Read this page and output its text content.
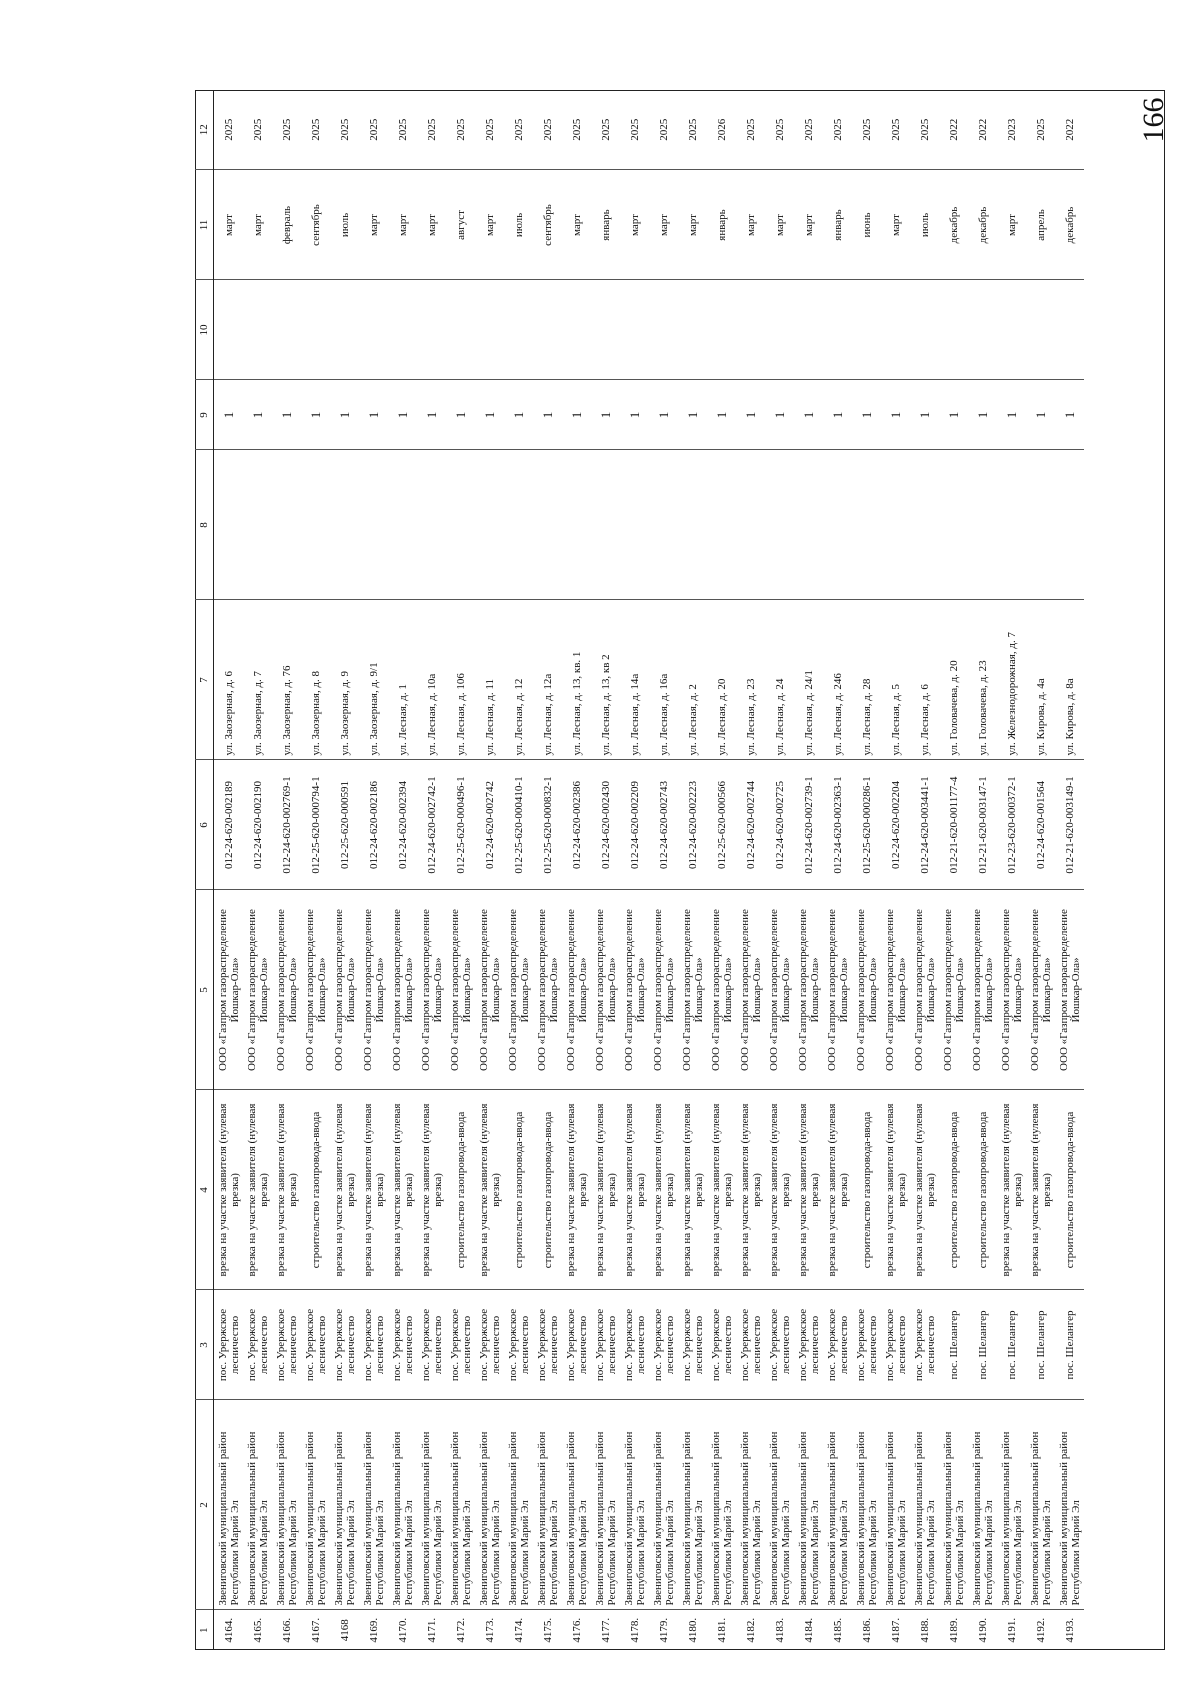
166
1	2	3	4	5	6	7	8	9	10	11	12
4164.	Звениговский муниципальный район Республики Марий Эл	пос. Урержское лесничество	врезка на участке заявителя (нулевая врезка)	ООО «Газпром газораспределение Йошкар-Ола»	012-24-620-002189	ул. Заозерная, д. 6		1		март	2025
4165.	Звениговский муниципальный район Республики Марий Эл	пос. Урержское лесничество	врезка на участке заявителя (нулевая врезка)	ООО «Газпром газораспределение Йошкар-Ола»	012-24-620-002190	ул. Заозерная, д. 7		1		март	2025
4166.	Звениговский муниципальный район Республики Марий Эл	пос. Урержское лесничество	врезка на участке заявителя (нулевая врезка)	ООО «Газпром газораспределение Йошкар-Ола»	012-24-620-002769-1	ул. Заозерная, д. 76		1		февраль	2025
4167.	Звениговский муниципальный район Республики Марий Эл	пос. Урержское лесничество	строительство газопровода-ввода	ООО «Газпром газораспределение Йошкар-Ола»	012-25-620-000794-1	ул. Заозерная, д. 8		1		сентябрь	2025
4168	Звениговский муниципальный район Республики Марий Эл	пос. Урержское лесничество	врезка на участке заявителя (нулевая врезка)	ООО «Газпром газораспределение Йошкар-Ола»	012-25-620-000591	ул. Заозерная, д. 9		1		июль	2025
4169.	Звениговский муниципальный район Республики Марий Эл	пос. Урержское лесничество	врезка на участке заявителя (нулевая врезка)	ООО «Газпром газораспределение Йошкар-Ола»	012-24-620-002186	ул. Заозерная, д. 9/1		1		март	2025
4170.	Звениговский муниципальный район Республики Марий Эл	пос. Урержское лесничество	врезка на участке заявителя (нулевая врезка)	ООО «Газпром газораспределение Йошкар-Ола»	012-24-620-002394	ул. Лесная, д. 1		1		март	2025
4171.	Звениговский муниципальный район Республики Марий Эл	пос. Урержское лесничество	врезка на участке заявителя (нулевая врезка)	ООО «Газпром газораспределение Йошкар-Ола»	012-24-620-002742-1	ул. Лесная, д. 10а		1		март	2025
4172.	Звениговский муниципальный район Республики Марий Эл	пос. Урержское лесничество	строительство газопровода-ввода	ООО «Газпром газораспределение Йошкар-Ола»	012-25-620-000496-1	ул. Лесная, д. 106		1		август	2025
4173.	Звениговский муниципальный район Республики Марий Эл	пос. Урержское лесничество	врезка на участке заявителя (нулевая врезка)	ООО «Газпром газораспределение Йошкар-Ола»	012-24-620-002742	ул. Лесная, д. 11		1		март	2025
4174.	Звениговский муниципальный район Республики Марий Эл	пос. Урержское лесничество	строительство газопровода-ввода	ООО «Газпром газораспределение Йошкар-Ола»	012-25-620-000410-1	ул. Лесная, д. 12		1		июль	2025
4175.	Звениговский муниципальный район Республики Марий Эл	пос. Урержское лесничество	строительство газопровода-ввода	ООО «Газпром газораспределение Йошкар-Ола»	012-25-620-000832-1	ул. Лесная, д. 12а		1		сентябрь	2025
4176.	Звениговский муниципальный район Республики Марий Эл	пос. Урержское лесничество	врезка на участке заявителя (нулевая врезка)	ООО «Газпром газораспределение Йошкар-Ола»	012-24-620-002386	ул. Лесная, д. 13, кв. 1		1		март	2025
4177.	Звениговский муниципальный район Республики Марий Эл	пос. Урержское лесничество	врезка на участке заявителя (нулевая врезка)	ООО «Газпром газораспределение Йошкар-Ола»	012-24-620-002430	ул. Лесная, д. 13, кв 2		1		январь	2025
4178.	Звениговский муниципальный район Республики Марий Эл	пос. Урержское лесничество	врезка на участке заявителя (нулевая врезка)	ООО «Газпром газораспределение Йошкар-Ола»	012-24-620-002209	ул. Лесная, д. 14а		1		март	2025
4179.	Звениговский муниципальный район Республики Марий Эл	пос. Урержское лесничество	врезка на участке заявителя (нулевая врезка)	ООО «Газпром газораспределение Йошкар-Ола»	012-24-620-002743	ул. Лесная, д. 16а		1		март	2025
4180.	Звениговский муниципальный район Республики Марий Эл	пос. Урержское лесничество	врезка на участке заявителя (нулевая врезка)	ООО «Газпром газораспределение Йошкар-Ола»	012-24-620-002223	ул. Лесная, д. 2		1		март	2025
4181.	Звениговский муниципальный район Республики Марий Эл	пос. Урержское лесничество	врезка на участке заявителя (нулевая врезка)	ООО «Газпром газораспределение Йошкар-Ола»	012-25-620-000566	ул. Лесная, д. 20		1		январь	2026
4182.	Звениговский муниципальный район Республики Марий Эл	пос. Урержское лесничество	врезка на участке заявителя (нулевая врезка)	ООО «Газпром газораспределение Йошкар-Ола»	012-24-620-002744	ул. Лесная, д. 23		1		март	2025
4183.	Звениговский муниципальный район Республики Марий Эл	пос. Урержское лесничество	врезка на участке заявителя (нулевая врезка)	ООО «Газпром газораспределение Йошкар-Ола»	012-24-620-002725	ул. Лесная, д. 24		1		март	2025
4184.	Звениговский муниципальный район Республики Марий Эл	пос. Урержское лесничество	врезка на участке заявителя (нулевая врезка)	ООО «Газпром газораспределение Йошкар-Ола»	012-24-620-002739-1	ул. Лесная, д. 24/1		1		март	2025
4185.	Звениговский муниципальный район Республики Марий Эл	пос. Урержское лесничество	врезка на участке заявителя (нулевая врезка)	ООО «Газпром газораспределение Йошкар-Ола»	012-24-620-002363-1	ул. Лесная, д. 246		1		январь	2025
4186.	Звениговский муниципальный район Республики Марий Эл	пос. Урержское лесничество	строительство газопровода-ввода	ООО «Газпром газораспределение Йошкар-Ола»	012-25-620-000286-1	ул. Лесная, д. 28		1		июнь	2025
4187.	Звениговский муниципальный район Республики Марий Эл	пос. Урержское лесничество	врезка на участке заявителя (нулевая врезка)	ООО «Газпром газораспределение Йошкар-Ола»	012-24-620-002204	ул. Лесная, д. 5		1		март	2025
4188.	Звениговский муниципальный район Республики Марий Эл	пос. Урержское лесничество	врезка на участке заявителя (нулевая врезка)	ООО «Газпром газораспределение Йошкар-Ола»	012-24-620-003441-1	ул. Лесная, д. 6		1		июль	2025
4189.	Звениговский муниципальный район Республики Марий Эл	пос. Шелангер	строительство газопровода-ввода	ООО «Газпром газораспределение Йошкар-Ола»	012-21-620-001177-4	ул. Головачева, д. 20		1		декабрь	2022
4190.	Звениговский муниципальный район Республики Марий Эл	пос. Шелангер	строительство газопровода-ввода	ООО «Газпром газораспределение Йошкар-Ола»	012-21-620-003147-1	ул. Головачева, д. 23		1		декабрь	2022
4191.	Звениговский муниципальный район Республики Марий Эл	пос. Шелангер	врезка на участке заявителя (нулевая врезка)	ООО «Газпром газораспределение Йошкар-Ола»	012-23-620-000372-1	ул. Железнодорожная, д. 7		1		март	2023
4192.	Звениговский муниципальный район Республики Марий Эл	пос. Шелангер	врезка на участке заявителя (нулевая врезка)	ООО «Газпром газораспределение Йошкар-Ола»	012-24-620-001564	ул. Кирова, д. 4а		1		апрель	2025
4193.	Звениговский муниципальный район Республики Марий Эл	пос. Шелангер	строительство газопровода-ввода	ООО «Газпром газораспределение Йошкар-Ола»	012-21-620-003149-1	ул. Кирова, д. 8а		1		декабрь	2022
